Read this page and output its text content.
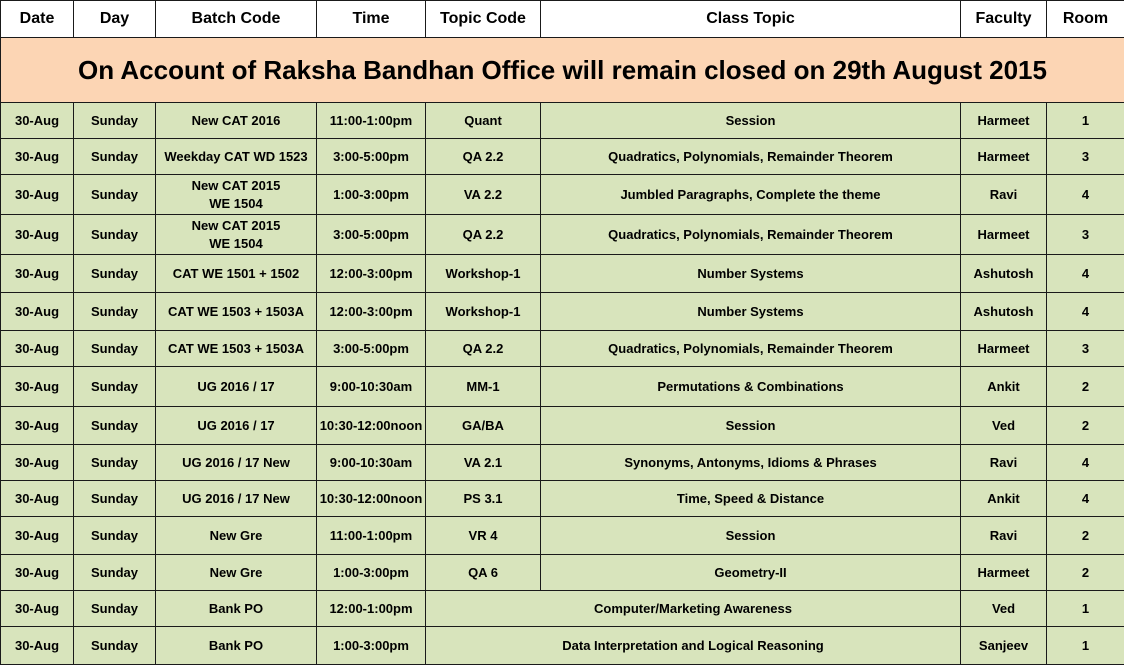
Date	Day	Batch Code	Time	Topic Code	Class Topic	Faculty	Room
On Account of Raksha Bandhan Office will remain closed on 29th August 2015							
30-Aug	Sunday	New CAT 2016	11:00-1:00pm	Quant	Session	Harmeet	1
30-Aug	Sunday	Weekday CAT WD 1523	3:00-5:00pm	QA 2.2	Quadratics, Polynomials, Remainder Theorem	Harmeet	3
30-Aug	Sunday	New CAT 2015
WE 1504	1:00-3:00pm	VA 2.2	Jumbled Paragraphs, Complete the theme	Ravi	4
30-Aug	Sunday	New CAT 2015
WE 1504	3:00-5:00pm	QA 2.2	Quadratics, Polynomials, Remainder Theorem	Harmeet	3
30-Aug	Sunday	CAT WE 1501 + 1502	12:00-3:00pm	Workshop-1	Number Systems	Ashutosh	4
30-Aug	Sunday	CAT WE 1503 + 1503A	12:00-3:00pm	Workshop-1	Number Systems	Ashutosh	4
30-Aug	Sunday	CAT WE 1503 + 1503A	3:00-5:00pm	QA 2.2	Quadratics, Polynomials, Remainder Theorem	Harmeet	3
30-Aug	Sunday	UG 2016 / 17	9:00-10:30am	MM-1	Permutations & Combinations	Ankit	2
30-Aug	Sunday	UG 2016 / 17	10:30-12:00noon	GA/BA	Session	Ved	2
30-Aug	Sunday	UG 2016 / 17 New	9:00-10:30am	VA 2.1	Synonyms, Antonyms, Idioms & Phrases	Ravi	4
30-Aug	Sunday	UG 2016 / 17 New	10:30-12:00noon	PS 3.1	Time, Speed & Distance	Ankit	4
30-Aug	Sunday	New Gre	11:00-1:00pm	VR 4	Session	Ravi	2
30-Aug	Sunday	New Gre	1:00-3:00pm	QA 6	Geometry-II	Harmeet	2
30-Aug	Sunday	Bank PO	12:00-1:00pm	Computer/Marketing Awareness		Ved	1
30-Aug	Sunday	Bank PO	1:00-3:00pm	Data Interpretation and Logical Reasoning		Sanjeev	1
